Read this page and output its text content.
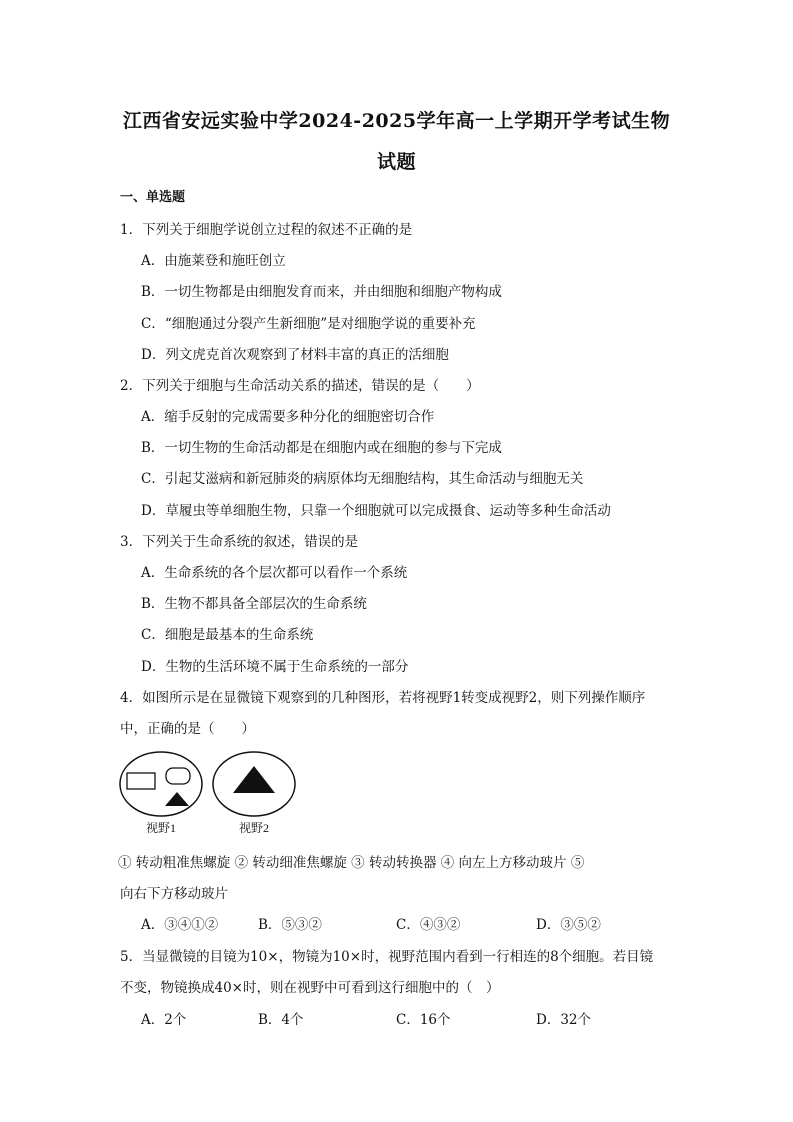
江西省安远实验中学2024-2025学年高一上学期开学考试生物
试题
一、单选题
1．下列关于细胞学说创立过程的叙述不正确的是
A．由施莱登和施旺创立
B．一切生物都是由细胞发育而来，并由细胞和细胞产物构成
C．“细胞通过分裂产生新细胞”是对细胞学说的重要补充
D．列文虎克首次观察到了材料丰富的真正的活细胞
2．下列关于细胞与生命活动关系的描述，错误的是（　　）
A．缩手反射的完成需要多种分化的细胞密切合作
B．一切生物的生命活动都是在细胞内或在细胞的参与下完成
C．引起艾滋病和新冠肺炎的病原体均无细胞结构，其生命活动与细胞无关
D．草履虫等单细胞生物，只靠一个细胞就可以完成摄食、运动等多种生命活动
3．下列关于生命系统的叙述，错误的是
A．生命系统的各个层次都可以看作一个系统
B．生物不都具备全部层次的生命系统
C．细胞是最基本的生命系统
D．生物的生活环境不属于生命系统的一部分
4．如图所示是在显微镜下观察到的几种图形，若将视野1转变成视野2，则下列操作顺序
中，正确的是（　　）
视野1	视野2
① 转动粗准焦螺旋 ② 转动细准焦螺旋 ③ 转动转换器 ④ 向左上方移动玻片 ⑤
向右下方移动玻片
A．③④①②	B．⑤③②	C．④③②	D．③⑤②
5．当显微镜的目镜为10×，物镜为10×时，视野范围内看到一行相连的8个细胞。若目镜
不变，物镜换成40×时，则在视野中可看到这行细胞中的（　）
A．2个	B．4个	C．16个	D．32个
